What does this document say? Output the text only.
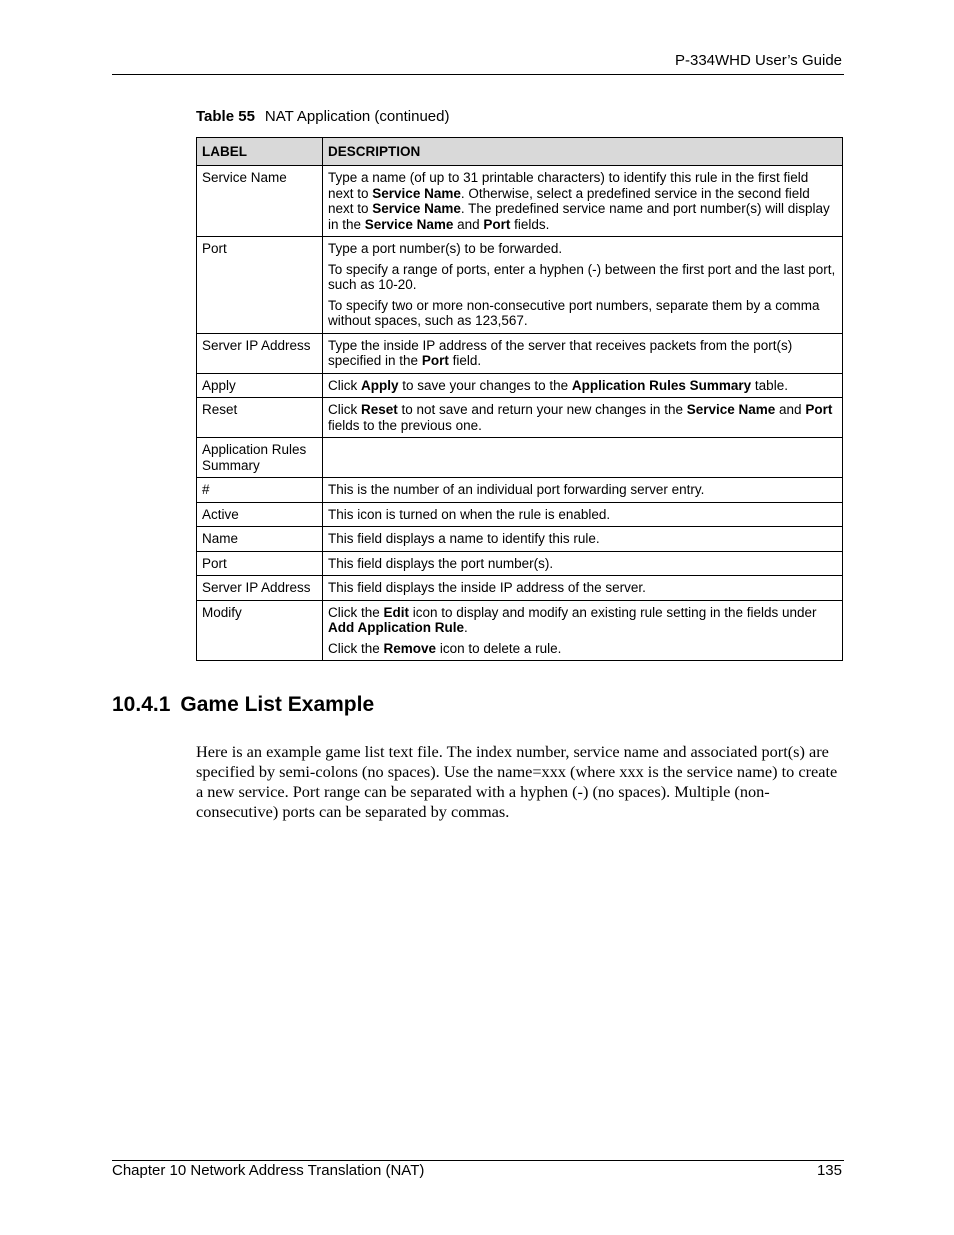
P-334WHD User’s Guide
Table 55 NAT Application (continued)
LABEL	DESCRIPTION
Service Name	Type a name (of up to 31 printable characters) to identify this rule in the first field next to Service Name. Otherwise, select a predefined service in the second field next to Service Name. The predefined service name and port number(s) will display in the Service Name and Port fields.

Port	Type a port number(s) to be forwarded.
To specify a range of ports, enter a hyphen (-) between the first port and the last port, such as 10-20.
To specify two or more non-consecutive port numbers, separate them by a comma without spaces, such as 123,567.

Server IP Address	Type the inside IP address of the server that receives packets from the port(s) specified in the Port field.

Apply	Click Apply to save your changes to the Application Rules Summary table.

Reset	Click Reset to not save and return your new changes in the Service Name and Port fields to the previous one.

Application Rules Summary	
#	This is the number of an individual port forwarding server entry.

Active	This icon is turned on when the rule is enabled.

Name	This field displays a name to identify this rule.

Port	This field displays the port number(s).

Server IP Address	This field displays the inside IP address of the server.

Modify	Click the Edit icon to display and modify an existing rule setting in the fields under Add Application Rule.
Click the Remove icon to delete a rule.
10.4.1 Game List Example
Here is an example game list text file. The index number, service name and associated port(s) are specified by semi-colons (no spaces). Use the name=xxx (where xxx is the service name) to create a new service. Port range can be separated with a hyphen (-) (no spaces). Multiple (non-consecutive) ports can be separated by commas.
Chapter 10 Network Address Translation (NAT)	135
